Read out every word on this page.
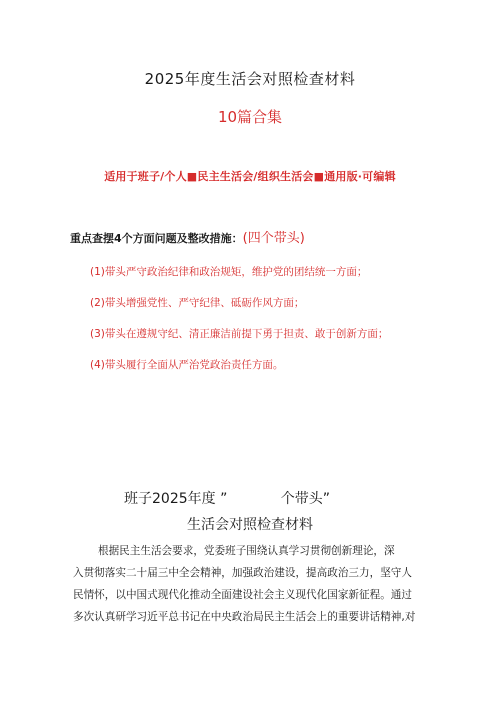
2025年度生活会对照检查材料
10篇合集
适用于班子/个人■民主生活会/组织生活会■通用版·可编辑
重点查摆4个方面问题及整改措施：(四个带头)
(1)带头严守政治纪律和政治规矩，维护党的团结统一方面；
(2)带头增强党性、严守纪律、砥砺作风方面；
(3)带头在遵规守纪、清正廉洁前提下勇于担责、敢于创新方面；
(4)带头履行全面从严治党政治责任方面。
班子2025年度 ”            个带头”
生活会对照检查材料
根据民主生活会要求，党委班子围绕认真学习贯彻创新理论，深
入贯彻落实二十届三中全会精神，加强政治建设，提高政治三力，坚守人
民情怀，以中国式现代化推动全面建设社会主义现代化国家新征程。通过
多次认真研学习近平总书记在中央政治局民主生活会上的重要讲话精神,对
